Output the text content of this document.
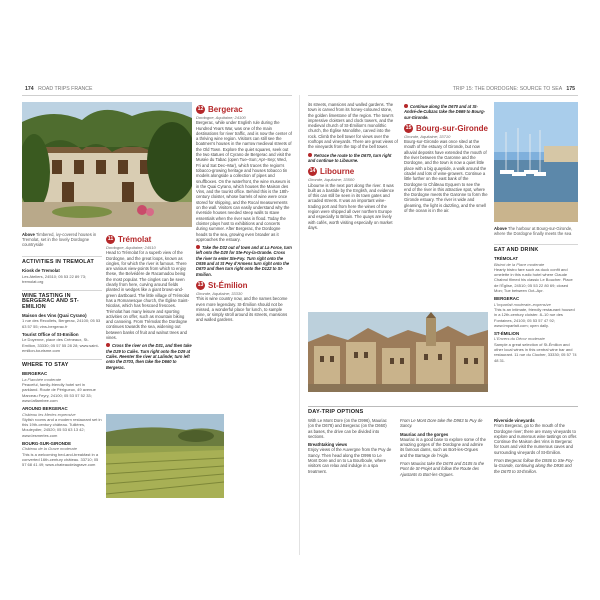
174 ROAD TRIPS FRANCE	TRIP 15: THE DORDOGNE: SOURCE TO SEA 175
Above Timbered, ivy-covered houses in Tremolat, set in the lovely Dordogne countryside
ACTIVITIES IN TREMOLAT
Kiosk de Tremolat
Les Ateliers, 24510; 05 53 22 89 73; tremolat.org
WINE TASTING IN BERGERAC AND ST-EMILION
Maison des Vins (Quai Cyrano)
1 rue des Recollets, Bergerac, 24100; 05 53 63 57 55; vins-bergerac.fr
Tourist Office of St-Emilion
Le Doyenne, place des Créneaux, St-Emilion, 33330; 05 57 55 28 28; www.saint-emilion-tourisme.com
WHERE TO STAY
BERGERAC
La Flambée moderate
Peaceful, family-friendly hotel set in parkland. Route de Périgueux, 49 avenue Marceau Feyry, 24100; 05 53 57 52 33; www.laflambee.com
AROUND BERGERAC
Château les Merles expensive
Stylish rooms and a modern restaurant set in this 19th-century château. Tuilières, Mouleydier, 24520; 05 53 63 13 42; www.lesmerles.com
BOURG-SUR-GIRONDE
Château de la Grave moderate
This is a welcoming bed-and-breakfast in a converted 16th-century château. 33710; 05 57 68 41 49; www.chateaudelagrave.com
11 Trémolat
Dordogne, Aquitaine; 24510

Head to Trémolat for a superb view of the Dordogne, and the great loops, known as cingles, for which the river is famous. There are various view-points from which to enjoy these, the Belvédère de Racamadou being the most popular. The cingles can be seen clearly from here, curving around fields planted in wedges like a giant brown-and-green dartboard. The little village of Trémolat has a Romanesque church, the Église Saint-Nicolas, which has frescoed frescoes. Trémolat has many leisure and sporting activities on offer, such as mountain biking and canoeing. From Trémolat the Dordogne continues towards the sea, widening out between banks of fruit and walnut trees and vines.

Cross the river on the D31, and then take the D29 to Calès. Turn right onto the D29 at Calès. Reenter the river at Lalinde; turn left onto the D703, then take the D660 to Bergerac.
12 Bergerac
Dordogne, Aquitaine; 24100

Bergerac, while under English rule during the Hundred Years War, was one of the main destinations for river traffic, and is now the center of a thriving wine region. Visitors can still see the boatmen's houses in the narrow medieval streets of the Old Town. Explore the quiet squares, seek out the two statues of Cyrano de Bergerac and visit the Musée du Tabac (open Tue–Sun; Apr–Sep; Wed, Fri and Sat Dec–Mar), which traces the region's tobacco-growing heritage and houses tobacco tin models alongside a collection of pipes and snuffboxes. On the waterfront, the wine museum is in the Quai Cyrano, which houses the Maison des Vins, and the tourist office. Behind this is the 18th-century cloister, whose barrels of wine were once stored for shipping, and the Rocal measurements on the wall. Visitors can easily understand why the riverside houses needed steep walls to stave essentials when the river was in flood. Today the cloister plays host to exhibitions and concerts during summer. After Bergerac, the Dordogne heads to the sea, growing even broader as it approaches the estuary.

Take the D32 out of town and at La Force, turn left onto the D20 for Ste-Foy-la-Grande. Cross the river to enter Ste-Foy. Turn right onto the D936 and at St Pey d'Armens turn right onto the D670 and then turn right onto the D122 to St-Emilion.
13 St-Émilion
Gironde, Aquitaine; 33330

This is wine country now, and the names become even more legendary. St-Émilion should not be missed, a wonderful place for lunch, to sample wine, or simply stroll around its streets, mansions and walled gardens.

its streets, mansions and walled gardens. The town is carved from its honey-coloured stone, the golden limestone of the region. The town's impressive cloisters and clock towers, and the medieval church of St-Émilion's monolithic church, the Église Monolithe, carved into the rock. Climb the bell tower for views over the rooftops and vineyards. There are great views of the vineyards from the top of the bell tower.

Retrace the route to the D670, turn right and continue to Libourne.
14 Libourne
Gironde, Aquitaine; 33500

Libourne is the next port along the river. It was built as a bastide by the English, and evidence of this can still be seen in its town gates and arcaded streets. It was an important wine-trading port and from here the wines of the region were shipped all over northern Europe and especially to Britain. The quays are lively with cafés, worth visiting especially on market days.

Continue along the D670 and at St-André-de-Cubzac take the D669 to Bourg-sur-Gironde.
15 Bourg-sur-Gironde
Gironde, Aquitaine; 33710

Bourg-sur-Gironde was once sited at the mouth of the estuary of Gironde, but now alluvial deposits have extended the mouth of the river between the Garonne and the Dordogne, and the town is now a quiet little place with a big quayside, a walk around the citadel and lots of wine-growers. Continue a little further on the east bank of the Dordogne to Château Eyquem to see the end of the river in this attractive spot, where the Dordogne meets the Garonne to form the Gironde estuary. The river is wide and gleaming, the light is dazzling, and the smell of the ocean is in the air.

Above The harbour at Bourg-sur-Gironde, where the Dordogne finally meets the sea
EAT AND DRINK
TRÉMOLAT
Bistrot de la Place moderate
Hearty bistro fare such as duck confit and omelette in this rustic hotel where Claude Chabrol filmed his classic Le Boucher. Place de l'Église, 24510; 05 53 22 80 69; closed Mon; Tue between Oct–Apr.
BERGERAC
L'Imparfait moderate–expensive
This is an intimate, friendly restaurant housed in a 12th-century cloister. 8–10 rue des Fontaines, 24100; 05 53 57 47 92; www.imparfait.com; open daily.
ST-ÉMILION
L'Envers du Décor moderate
Sample a great selection of St-Émilion and other local wines in this central wine bar and restaurant. 11 rue du Clocher, 33330; 05 57 74 48 31.
DAY-TRIP OPTIONS

With Le Mont Dore (on the D996), Mauriac (on the D678) and Bergerac (on the D660) as bases, the drive can be divided into sections.

Breathtaking views

Enjoy views of the Auvergne from the Puy de Sancy. Then head along the D996 to Le Mont Dore and on to La Bourboule, where visitors can relax and indulge in a spa treatment.

From Le Mont Dore take the D983 to Puy de Sancy.

Mauriac and the gorges

Mauriac is a good base to explore some of the amazing gorges of the Dordogne and admire its famous dams, such as Bort-les-Orgues and the Barrage de l'Aigle.

From Mauriac take the D678 and D105 to the Pont de St-Projet and follow the Route des Ajustants to Bort-les-Orgues.

Riverside vineyards

From Bergerac, go to the mouth of the Dordogne river; there are many vineyards to explore and numerous wine tastings on offer. Continue the Maison des Vins in Bergerac for tours and visit the numerous caves and surrounding vineyards of St-Émilion.

From Bergerac follow the D936 to Ste-Foy-la-Grande, continuing along the D936 and the D670 to St-Émilion.
